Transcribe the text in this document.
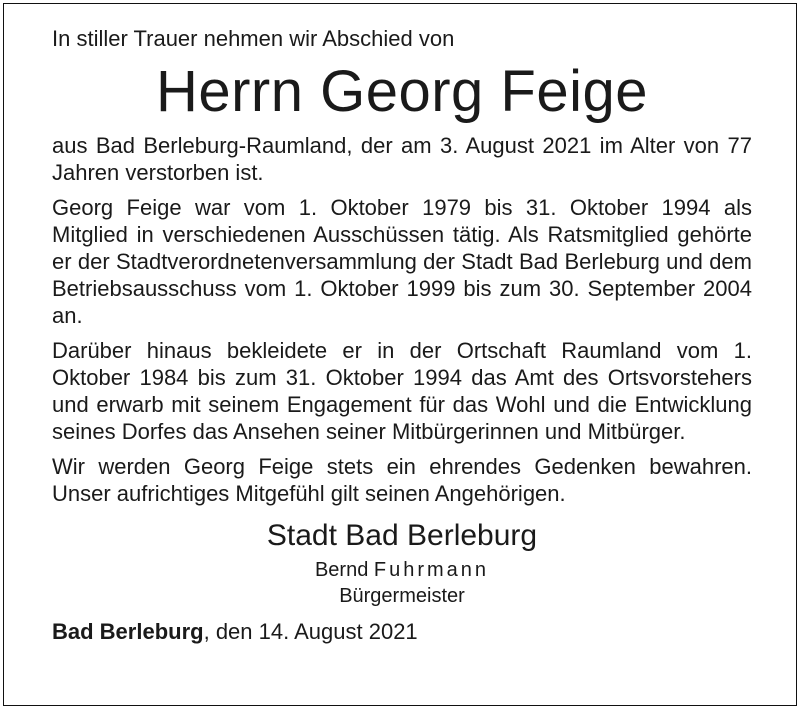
In stiller Trauer nehmen wir Abschied von

Herrn Georg Feige

aus Bad Berleburg-Raumland, der am 3. August 2021 im Alter von 77 Jahren verstorben ist.

Georg Feige war vom 1. Oktober 1979 bis 31. Oktober 1994 als Mitglied in verschiedenen Ausschüssen tätig. Als Ratsmitglied gehörte er der Stadtverordnetenversammlung der Stadt Bad Berleburg und dem Betriebsausschuss vom 1. Oktober 1999 bis zum 30. September 2004 an.

Darüber hinaus bekleidete er in der Ortschaft Raumland vom 1. Oktober 1984 bis zum 31. Oktober 1994 das Amt des Ortsvorstehers und erwarb mit seinem Engagement für das Wohl und die Entwicklung seines Dorfes das Ansehen seiner Mitbürgerinnen und Mitbürger.

Wir werden Georg Feige stets ein ehrendes Gedenken bewahren. Unser aufrichtiges Mitgefühl gilt seinen Angehörigen.

Stadt Bad Berleburg

Bernd Fuhrmann

Bürgermeister

Bad Berleburg, den 14. August 2021
